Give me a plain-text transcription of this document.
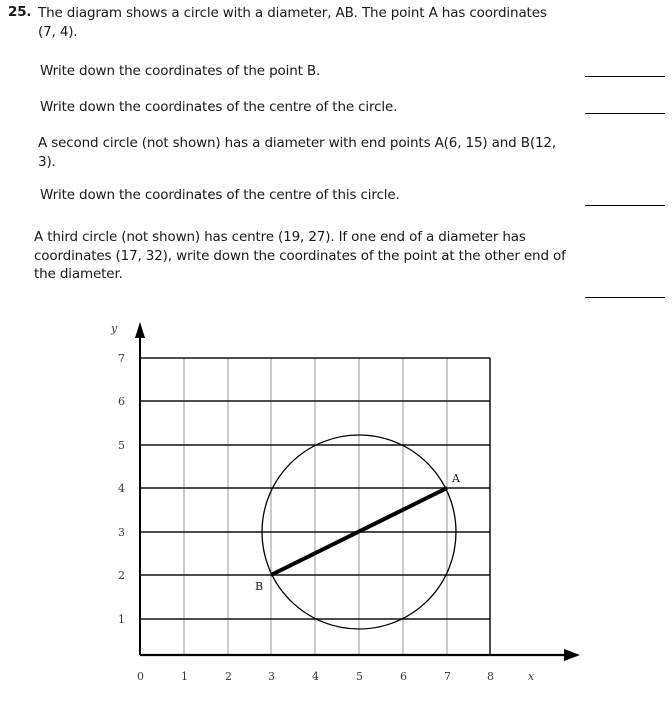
25. The diagram shows a circle with a diameter, AB. The point A has coordinates (7, 4).
Write down the coordinates of the point B.
Write down the coordinates of the centre of the circle.
A second circle (not shown) has a diameter with end points A(6, 15) and B(12, 3).
Write down the coordinates of the centre of this circle.
A third circle (not shown) has centre (19, 27). If one end of a diameter has coordinates (17, 32), write down the coordinates of the point at the other end of the diameter.
y
x
7
6
5
4
3
2
1
0	1	2	3	4	5	6	7	8
A
B
